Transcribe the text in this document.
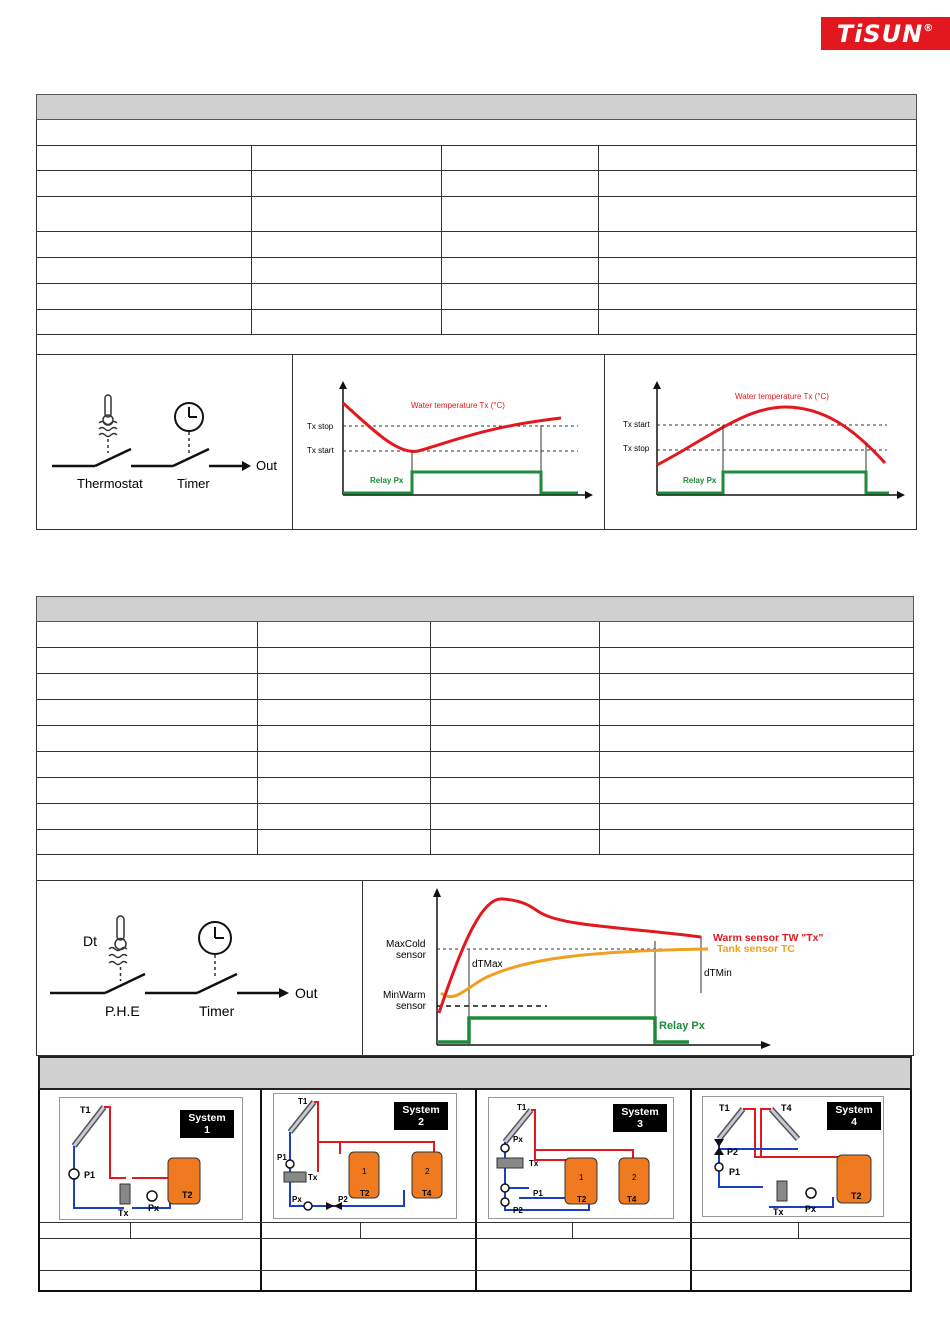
TiSUN ®
Thermostat	Timer
Out
Tx stop
Tx start
Water temperature Tx (°C)
Relay Px
Tx start
Tx stop
Water temperature Tx (°C)
Relay Px
Dt
P.H.E	Timer
Out
MaxCold
sensor
MinWarm
sensor
dTMax
dTMin
Warm sensor TW "Tx"
Tank sensor TC
Relay Px
System
1
T1
P1
Tx Px
T2
System
2
T1
P1
Tx
Px	P2
T2	T4
1	2
System
3
T1
Px
Tx
P1
P2
T2	T4
1	2
System
4
T1	T4
P2
P1
Tx Px
T2
